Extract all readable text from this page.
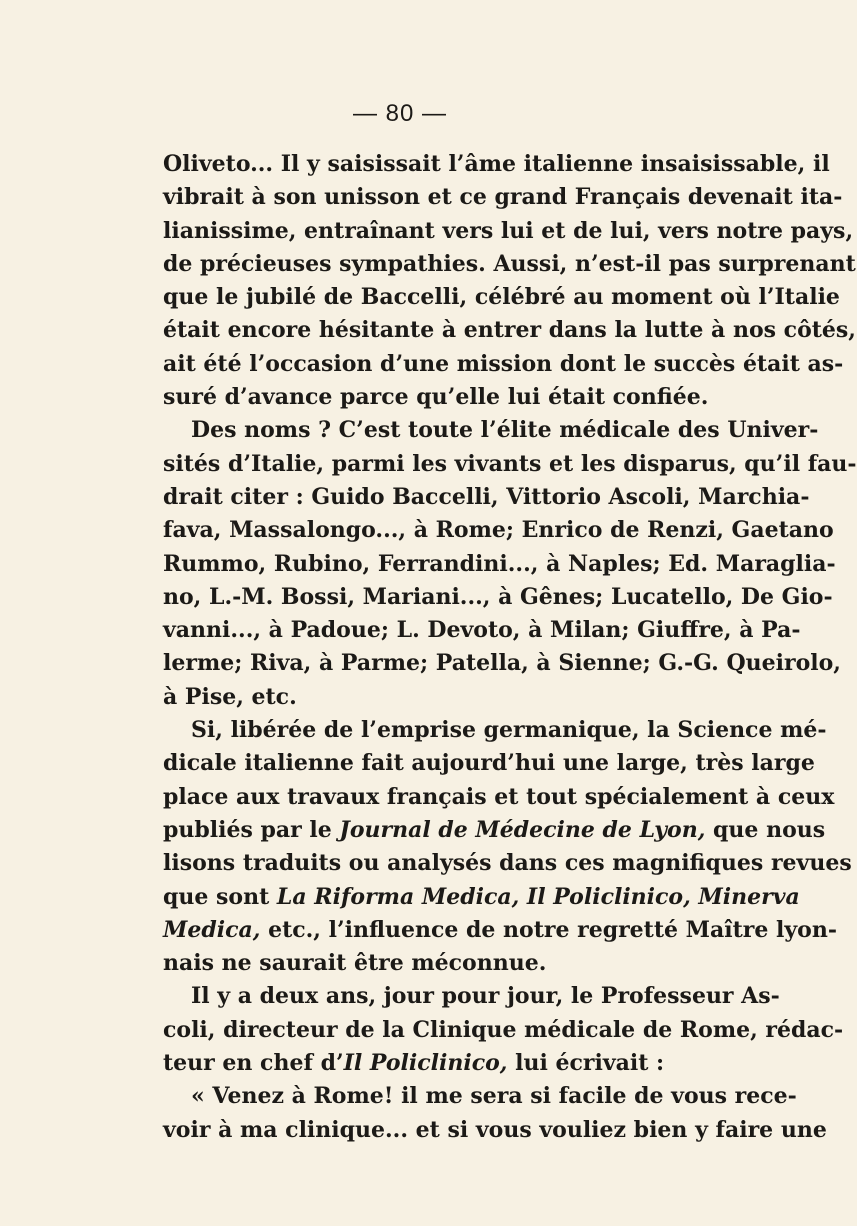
— 80 —
Oliveto... Il y saisissait l’âme italienne insaisissable, il
vibrait à son unisson et ce grand Français devenait ita-
lianissime, entraînant vers lui et de lui, vers notre pays,
de précieuses sympathies. Aussi, n’est-il pas surprenant
que le jubilé de Baccelli, célébré au moment où l’Italie
était encore hésitante à entrer dans la lutte à nos côtés,
ait été l’occasion d’une mission dont le succès était as-
suré d’avance parce qu’elle lui était confiée.
Des noms ? C’est toute l’élite médicale des Univer-
sités d’Italie, parmi les vivants et les disparus, qu’il fau-
drait citer : Guido Baccelli, Vittorio Ascoli, Marchia-
fava, Massalongo..., à Rome; Enrico de Renzi, Gaetano
Rummo, Rubino, Ferrandini..., à Naples; Ed. Maraglia-
no, L.-M. Bossi, Mariani..., à Gênes; Lucatello, De Gio-
vanni..., à Padoue; L. Devoto, à Milan; Giuffre, à Pa-
lerme; Riva, à Parme; Patella, à Sienne; G.-G. Queirolo,
à Pise, etc.
Si, libérée de l’emprise germanique, la Science mé-
dicale italienne fait aujourd’hui une large, très large
place aux travaux français et tout spécialement à ceux
publiés par le Journal de Médecine de Lyon, que nous
lisons traduits ou analysés dans ces magnifiques revues
que sont La Riforma Medica, Il Policlinico, Minerva
Medica, etc., l’influence de notre regretté Maître lyon-
nais ne saurait être méconnue.
Il y a deux ans, jour pour jour, le Professeur As-
coli, directeur de la Clinique médicale de Rome, rédac-
teur en chef d’Il Policlinico, lui écrivait :
« Venez à Rome! il me sera si facile de vous rece-
voir à ma clinique... et si vous vouliez bien y faire une
